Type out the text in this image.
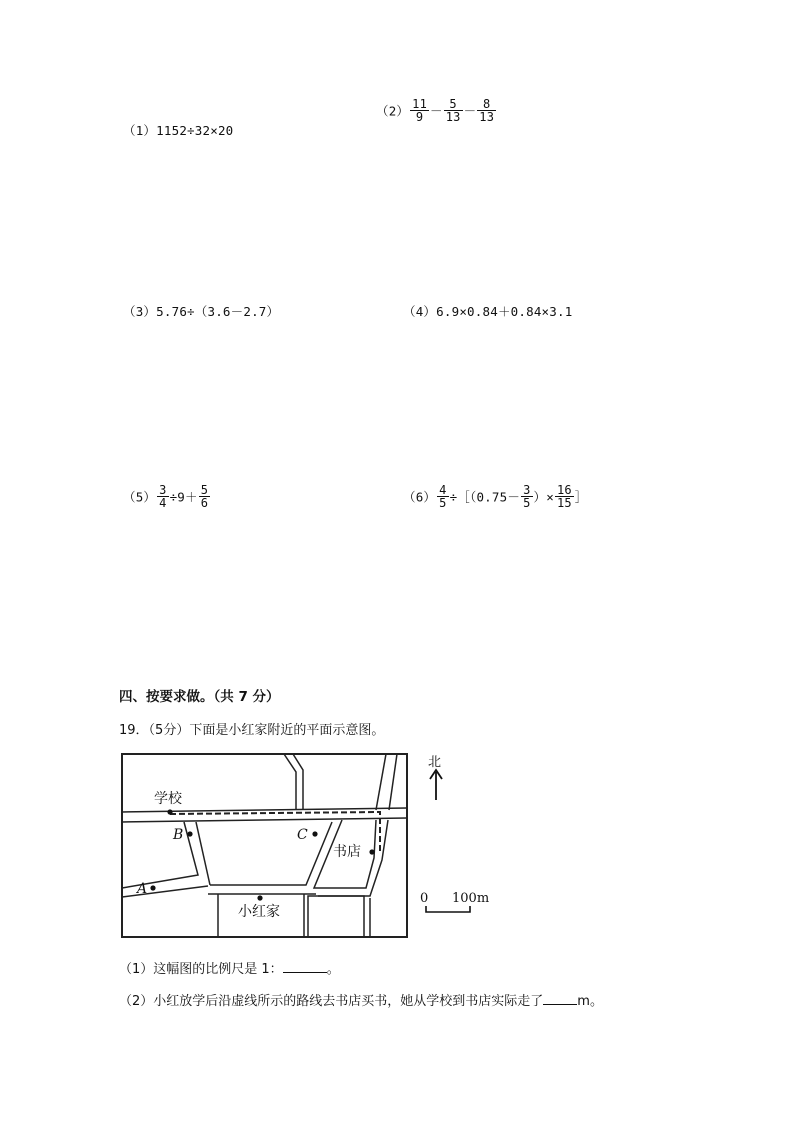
（1）1152÷32×20
$(2) \frac{11}{9} - \frac{5}{13} - \frac{8}{13}$
（3）5.76÷（3.6－2.7）	（4）6.9×0.84＋0.84×3.1
$(5) \frac{3}{4} \div 9+ \frac{5}{6}$	$(6) \frac{4}{5}$ ÷［（0.75－ $\frac{3}{5}$ ）× $\frac{16}{15}$ ］
四、按要求做。（共 7 分）
19．（5分）下面是小红家附近的平面示意图。
学校
B	C
书店
A
小红家
北
0 100m
（1）这幅图的比例尺是 1：	。
（2）小红放学后沿虚线所示的路线去书店买书，她从学校到书店实际走了	m。
